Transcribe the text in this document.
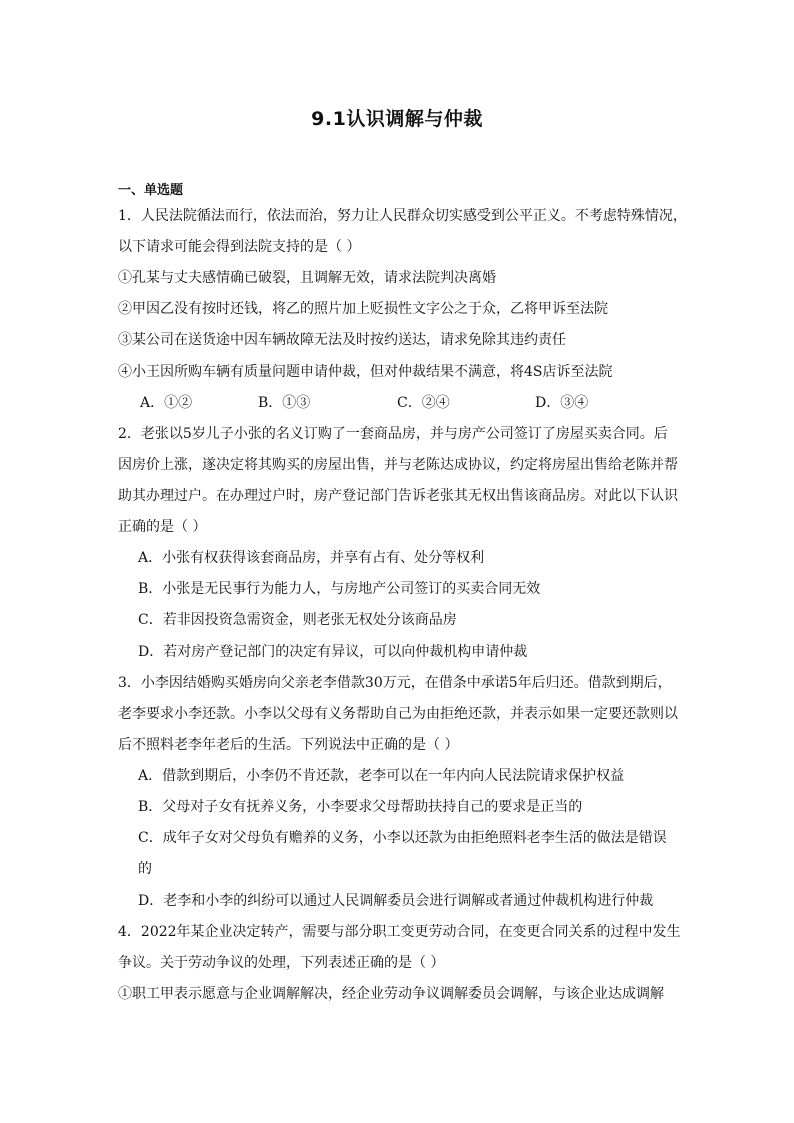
9.1认识调解与仲裁
一、单选题
1．人民法院循法而行，依法而治，努力让人民群众切实感受到公平正义。不考虑特殊情况，
以下请求可能会得到法院支持的是（ ）
①孔某与丈夫感情确已破裂，且调解无效，请求法院判决离婚
②甲因乙没有按时还钱，将乙的照片加上贬损性文字公之于众，乙将甲诉至法院
③某公司在送货途中因车辆故障无法及时按约送达，请求免除其违约责任
④小王因所购车辆有质量问题申请仲裁，但对仲裁结果不满意，将4S店诉至法院
A．①②	B．①③	C．②④	D．③④
2．老张以5岁儿子小张的名义订购了一套商品房，并与房产公司签订了房屋买卖合同。后
因房价上涨，遂决定将其购买的房屋出售，并与老陈达成协议，约定将房屋出售给老陈并帮
助其办理过户。在办理过户时，房产登记部门告诉老张其无权出售该商品房。对此以下认识
正确的是（ ）
A．小张有权获得该套商品房，并享有占有、处分等权利
B．小张是无民事行为能力人，与房地产公司签订的买卖合同无效
C．若非因投资急需资金，则老张无权处分该商品房
D．若对房产登记部门的决定有异议，可以向仲裁机构申请仲裁
3．小李因结婚购买婚房向父亲老李借款30万元，在借条中承诺5年后归还。借款到期后，
老李要求小李还款。小李以父母有义务帮助自己为由拒绝还款，并表示如果一定要还款则以
后不照料老李年老后的生活。下列说法中正确的是（ ）
A．借款到期后，小李仍不肯还款，老李可以在一年内向人民法院请求保护权益
B．父母对子女有抚养义务，小李要求父母帮助扶持自己的要求是正当的
C．成年子女对父母负有赡养的义务，小李以还款为由拒绝照料老李生活的做法是错误
的
D．老李和小李的纠纷可以通过人民调解委员会进行调解或者通过仲裁机构进行仲裁
4．2022年某企业决定转产，需要与部分职工变更劳动合同，在变更合同关系的过程中发生
争议。关于劳动争议的处理，下列表述正确的是（ ）
①职工甲表示愿意与企业调解解决，经企业劳动争议调解委员会调解，与该企业达成调解
